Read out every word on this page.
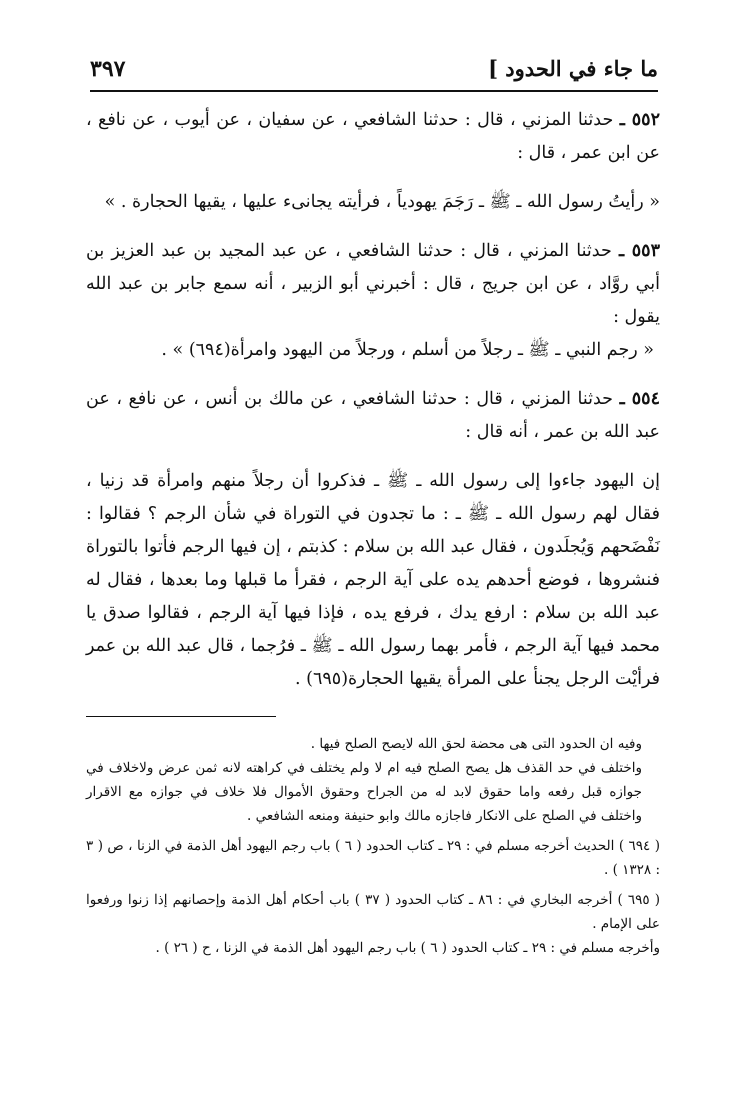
ما جاء في الحدود ]
٣٩٧

٥٥٢ ـ حدثنا المزني ، قال : حدثنا الشافعي ، عن سفيان ، عن أيوب ، عن نافع ، عن ابن عمر ، قال :

« رأيتُ رسول الله ـ ﷺ ـ رَجَمَ يهودياً ، فرأيته يجانىء عليها ، يقيها الحجارة . »

٥٥٣ ـ حدثنا المزني ، قال : حدثنا الشافعي ، عن عبد المجيد بن عبد العزيز بن أبي روَّاد ، عن ابن جريج ، قال : أخبرني أبو الزبير ، أنه سمع جابر بن عبد الله يقول :

« رجم النبي ـ ﷺ ـ رجلاً من أسلم ، ورجلاً من اليهود وامرأة(٦٩٤) » .

٥٥٤ ـ حدثنا المزني ، قال : حدثنا الشافعي ، عن مالك بن أنس ، عن نافع ، عن عبد الله بن عمر ، أنه قال :

إن اليهود جاءوا إلى رسول الله ـ ﷺ ـ فذكروا أن رجلاً منهم وامرأة قد زنيا ، فقال لهم رسول الله ـ ﷺ ـ : ما تجدون في التوراة في شأن الرجم ؟ فقالوا : نَفْضَحهم وَيُجلَدون ، فقال عبد الله بن سلام : كذبتم ، إن فيها الرجم فأتوا بالتوراة فنشروها ، فوضع أحدهم يده على آية الرجم ، فقرأ ما قبلها وما بعدها ، فقال له عبد الله بن سلام : ارفع يدك ، فرفع يده ، فإذا فيها آية الرجم ، فقالوا صدق يا محمد فيها آية الرجم ، فأمر بهما رسول الله ـ ﷺ ـ فرُجما ، قال عبد الله بن عمر فرأيْت الرجل يجنأ على المرأة يقيها الحجارة(٦٩٥) .

وفيه ان الحدود التى هى محضة لحق الله لايصح الصلح فيها .

واختلف في حد القذف هل يصح الصلح فيه ام لا ولم يختلف في كراهته لانه ثمن عرض ولاخلاف في جوازه قبل رفعه واما حقوق لابد له من الجراح وحقوق الأموال فلا خلاف في جوازه مع الاقرار واختلف في الصلح على الانكار فاجازه مالك وابو حنيفة ومنعه الشافعي .

( ٦٩٤ ) الحديث أخرجه مسلم في : ٢٩ ـ كتاب الحدود ( ٦ ) باب رجم اليهود أهل الذمة في الزنا ، ص ( ٣ : ١٣٢٨ ) .

( ٦٩٥ ) أخرجه البخاري في : ٨٦ ـ كتاب الحدود ( ٣٧ ) باب أحكام أهل الذمة وإحصانهم إذا زنوا ورفعوا على الإمام .

وأخرجه مسلم في : ٢٩ ـ كتاب الحدود ( ٦ ) باب رجم اليهود أهل الذمة في الزنا ، ح ( ٢٦ ) .
